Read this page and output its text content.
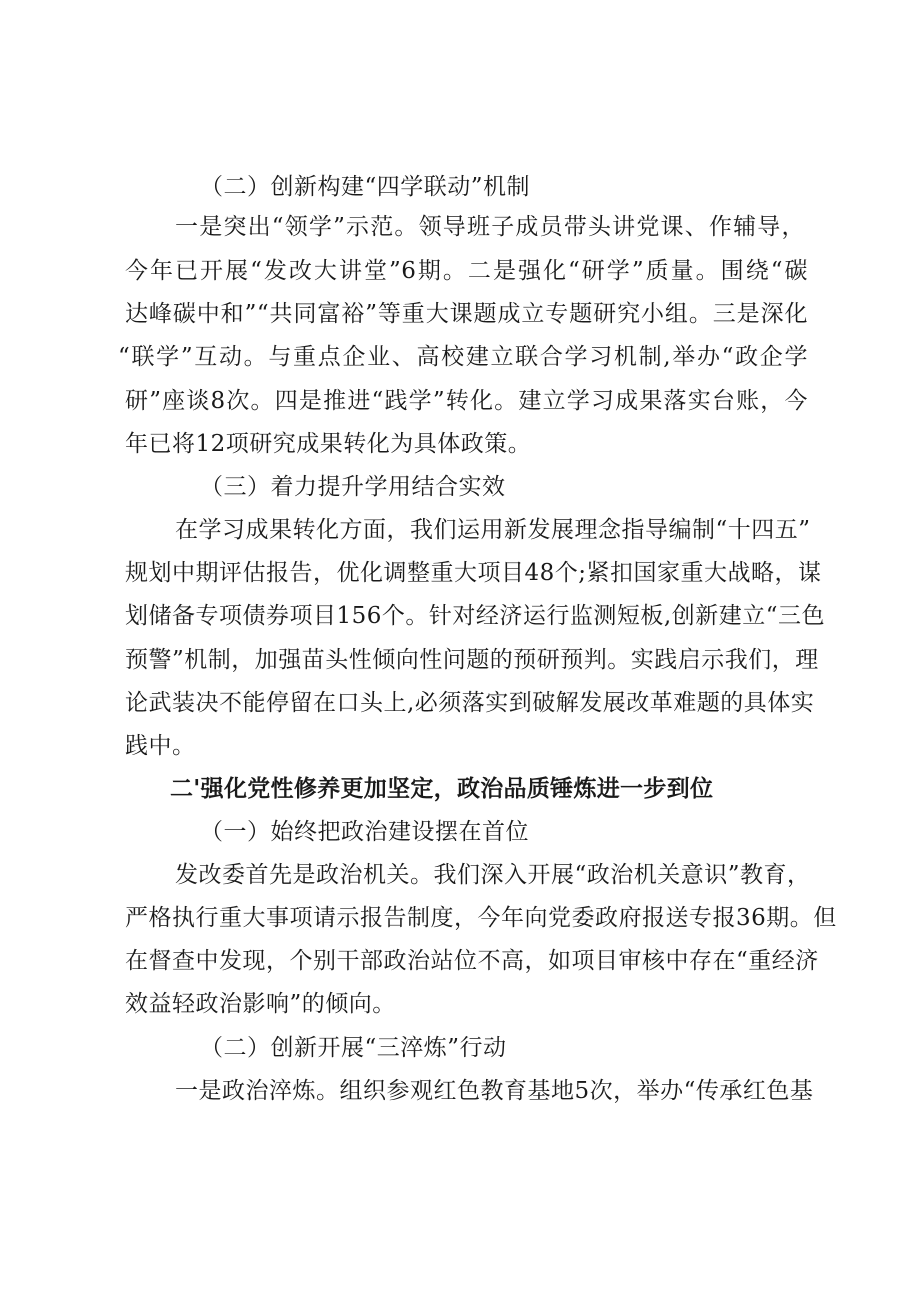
（二）创新构建“四学联动”机制
一是突出“领学”示范。领导班子成员带头讲党课、作辅导，
今年已开展“发改大讲堂”6期。二是强化“研学”质量。围绕“碳
达峰碳中和”“共同富裕”等重大课题成立专题研究小组。三是深化
“联学”互动。与重点企业、高校建立联合学习机制,举办“政企学
研”座谈8次。四是推进“践学”转化。建立学习成果落实台账，今
年已将12项研究成果转化为具体政策。
（三）着力提升学用结合实效
在学习成果转化方面，我们运用新发展理念指导编制“十四五”
规划中期评估报告，优化调整重大项目48个;紧扣国家重大战略，谋
划储备专项债券项目156个。针对经济运行监测短板,创新建立“三色
预警”机制，加强苗头性倾向性问题的预研预判。实践启示我们，理
论武装决不能停留在口头上,必须落实到破解发展改革难题的具体实
践中。
二'强化党性修养更加坚定，政治品质锤炼进一步到位
（一）始终把政治建设摆在首位
发改委首先是政治机关。我们深入开展“政治机关意识”教育，
严格执行重大事项请示报告制度，今年向党委政府报送专报36期。但
在督查中发现，个别干部政治站位不高，如项目审核中存在“重经济
效益轻政治影响”的倾向。
（二）创新开展“三淬炼”行动
一是政治淬炼。组织参观红色教育基地5次，举办“传承红色基
